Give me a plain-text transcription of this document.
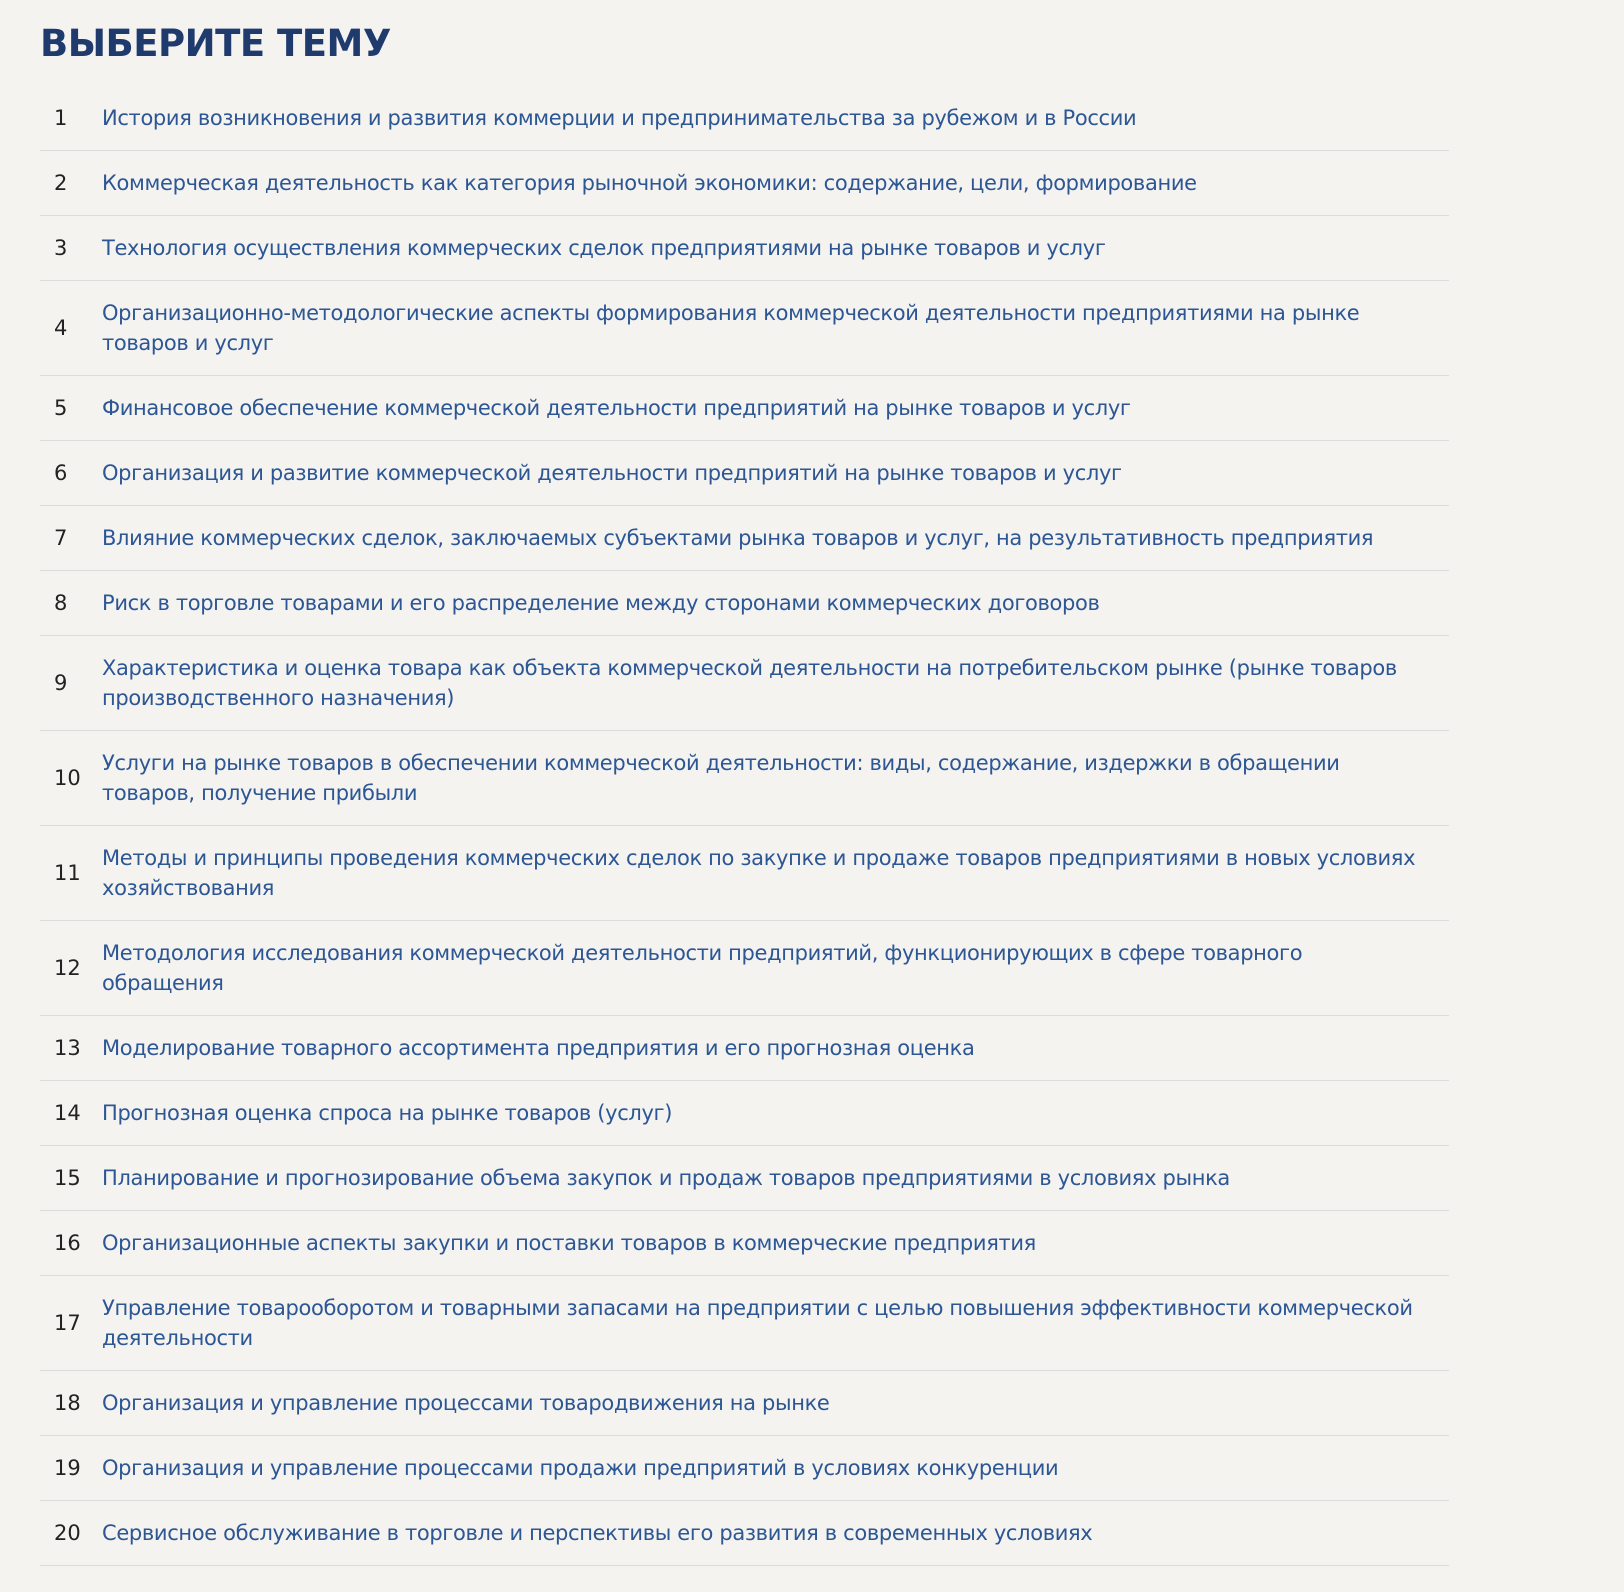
ВЫБЕРИТЕ ТЕМУ
1	История возникновения и развития коммерции и предпринимательства за рубежом и в России
2	Коммерческая деятельность как категория рыночной экономики: содержание, цели, формирование
3	Технология осуществления коммерческих сделок предприятиями на рынке товаров и услуг
4	Организационно-методологические аспекты формирования коммерческой деятельности предприятиями на рынке товаров и услуг
5	Финансовое обеспечение коммерческой деятельности предприятий на рынке товаров и услуг
6	Организация и развитие коммерческой деятельности предприятий на рынке товаров и услуг
7	Влияние коммерческих сделок, заключаемых субъектами рынка товаров и услуг, на результативность предприятия
8	Риск в торговле товарами и его распределение между сторонами коммерческих договоров
9	Характеристика и оценка товара как объекта коммерческой деятельности на потребительском рынке (рынке товаров производственного назначения)
10	Услуги на рынке товаров в обеспечении коммерческой деятельности: виды, содержание, издержки в обращении товаров, получение прибыли
11	Методы и принципы проведения коммерческих сделок по закупке и продаже товаров предприятиями в новых условиях хозяйствования
12	Методология исследования коммерческой деятельности предприятий, функционирующих в сфере товарного обращения
13	Моделирование товарного ассортимента предприятия и его прогнозная оценка
14	Прогнозная оценка спроса на рынке товаров (услуг)
15	Планирование и прогнозирование объема закупок и продаж товаров предприятиями в условиях рынка
16	Организационные аспекты закупки и поставки товаров в коммерческие предприятия
17	Управление товарооборотом и товарными запасами на предприятии с целью повышения эффективности коммерческой деятельности
18	Организация и управление процессами товародвижения на рынке
19	Организация и управление процессами продажи предприятий в условиях конкуренции
20	Сервисное обслуживание в торговле и перспективы его развития в современных условиях
